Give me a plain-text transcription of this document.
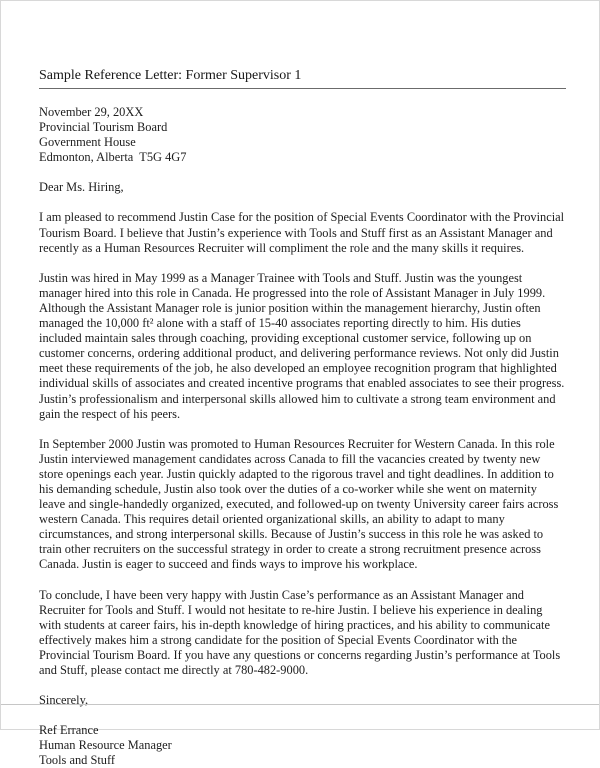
Sample Reference Letter: Former Supervisor 1

November 29, 20XX

Provincial Tourism Board

Government House

Edmonton, Alberta  T5G 4G7

Dear Ms. Hiring,

I am pleased to recommend Justin Case for the position of Special Events Coordinator with the Provincial Tourism Board. I believe that Justin’s experience with Tools and Stuff first as an Assistant Manager and recently as a Human Resources Recruiter will compliment the role and the many skills it requires.

Justin was hired in May 1999 as a Manager Trainee with Tools and Stuff. Justin was the youngest manager hired into this role in Canada. He progressed into the role of Assistant Manager in July 1999. Although the Assistant Manager role is junior position within the management hierarchy, Justin often managed the 10,000 ft² alone with a staff of 15-40 associates reporting directly to him. His duties included maintain sales through coaching, providing exceptional customer service, following up on customer concerns, ordering additional product, and delivering performance reviews. Not only did Justin meet these requirements of the job, he also developed an employee recognition program that highlighted individual skills of associates and created incentive programs that enabled associates to see their progress. Justin’s professionalism and interpersonal skills allowed him to cultivate a strong team environment and gain the respect of his peers.

In September 2000 Justin was promoted to Human Resources Recruiter for Western Canada. In this role Justin interviewed management candidates across Canada to fill the vacancies created by twenty new store openings each year. Justin quickly adapted to the rigorous travel and tight deadlines. In addition to his demanding schedule, Justin also took over the duties of a co-worker while she went on maternity leave and single-handedly organized, executed, and followed-up on twenty University career fairs across western Canada. This requires detail oriented organizational skills, an ability to adapt to many circumstances, and strong interpersonal skills. Because of Justin’s success in this role he was asked to train other recruiters on the successful strategy in order to create a strong recruitment presence across Canada. Justin is eager to succeed and finds ways to improve his workplace.

To conclude, I have been very happy with Justin Case’s performance as an Assistant Manager and Recruiter for Tools and Stuff. I would not hesitate to re-hire Justin. I believe his experience in dealing with students at career fairs, his in-depth knowledge of hiring practices, and his ability to communicate effectively makes him a strong candidate for the position of Special Events Coordinator with the Provincial Tourism Board. If you have any questions or concerns regarding Justin’s performance at Tools and Stuff, please contact me directly at 780-482-9000.

Sincerely,

Ref Errance

Human Resource Manager

Tools and Stuff
